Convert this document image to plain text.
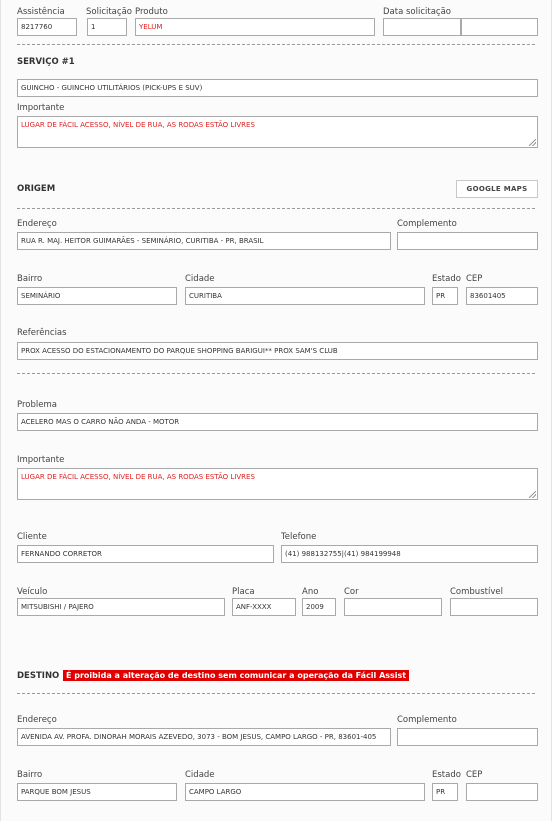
Assistência
8217760
Solicitação
1
Produto
YELUM
Data solicitação
SERVIÇO #1
GUINCHO - GUINCHO UTILITÁRIOS (PICK-UPS E SUV)
Importante
LUGAR DE FÁCIL ACESSO, NÍVEL DE RUA, AS RODAS ESTÃO LIVRES
ORIGEM	GOOGLE MAPS
Endereço
RUA R. MAJ. HEITOR GUIMARÃES - SEMINÁRIO, CURITIBA - PR, BRASIL
Complemento
Bairro
SEMINÁRIO
Cidade
CURITIBA
Estado
PR
CEP
83601405
Referências
PROX ACESSO DO ESTACIONAMENTO DO PARQUE SHOPPING BARIGUI** PROX SAM'S CLUB
Problema
ACELERO MAS O CARRO NÃO ANDA - MOTOR
Importante
LUGAR DE FÁCIL ACESSO, NÍVEL DE RUA, AS RODAS ESTÃO LIVRES
Cliente
FERNANDO CORRETOR
Telefone
(41) 988132755|(41) 984199948
Veículo
MITSUBISHI / PAJERO
Placa
ANF-XXXX
Ano
2009
Cor	Combustível
DESTINO É proibida a alteração de destino sem comunicar a operação da Fácil Assist
Endereço
AVENIDA AV. PROFA. DINORAH MORAIS AZEVEDO, 3073 - BOM JESUS, CAMPO LARGO - PR, 83601-405
Complemento
Bairro
PARQUE BOM JESUS
Cidade
CAMPO LARGO
Estado
PR
CEP
